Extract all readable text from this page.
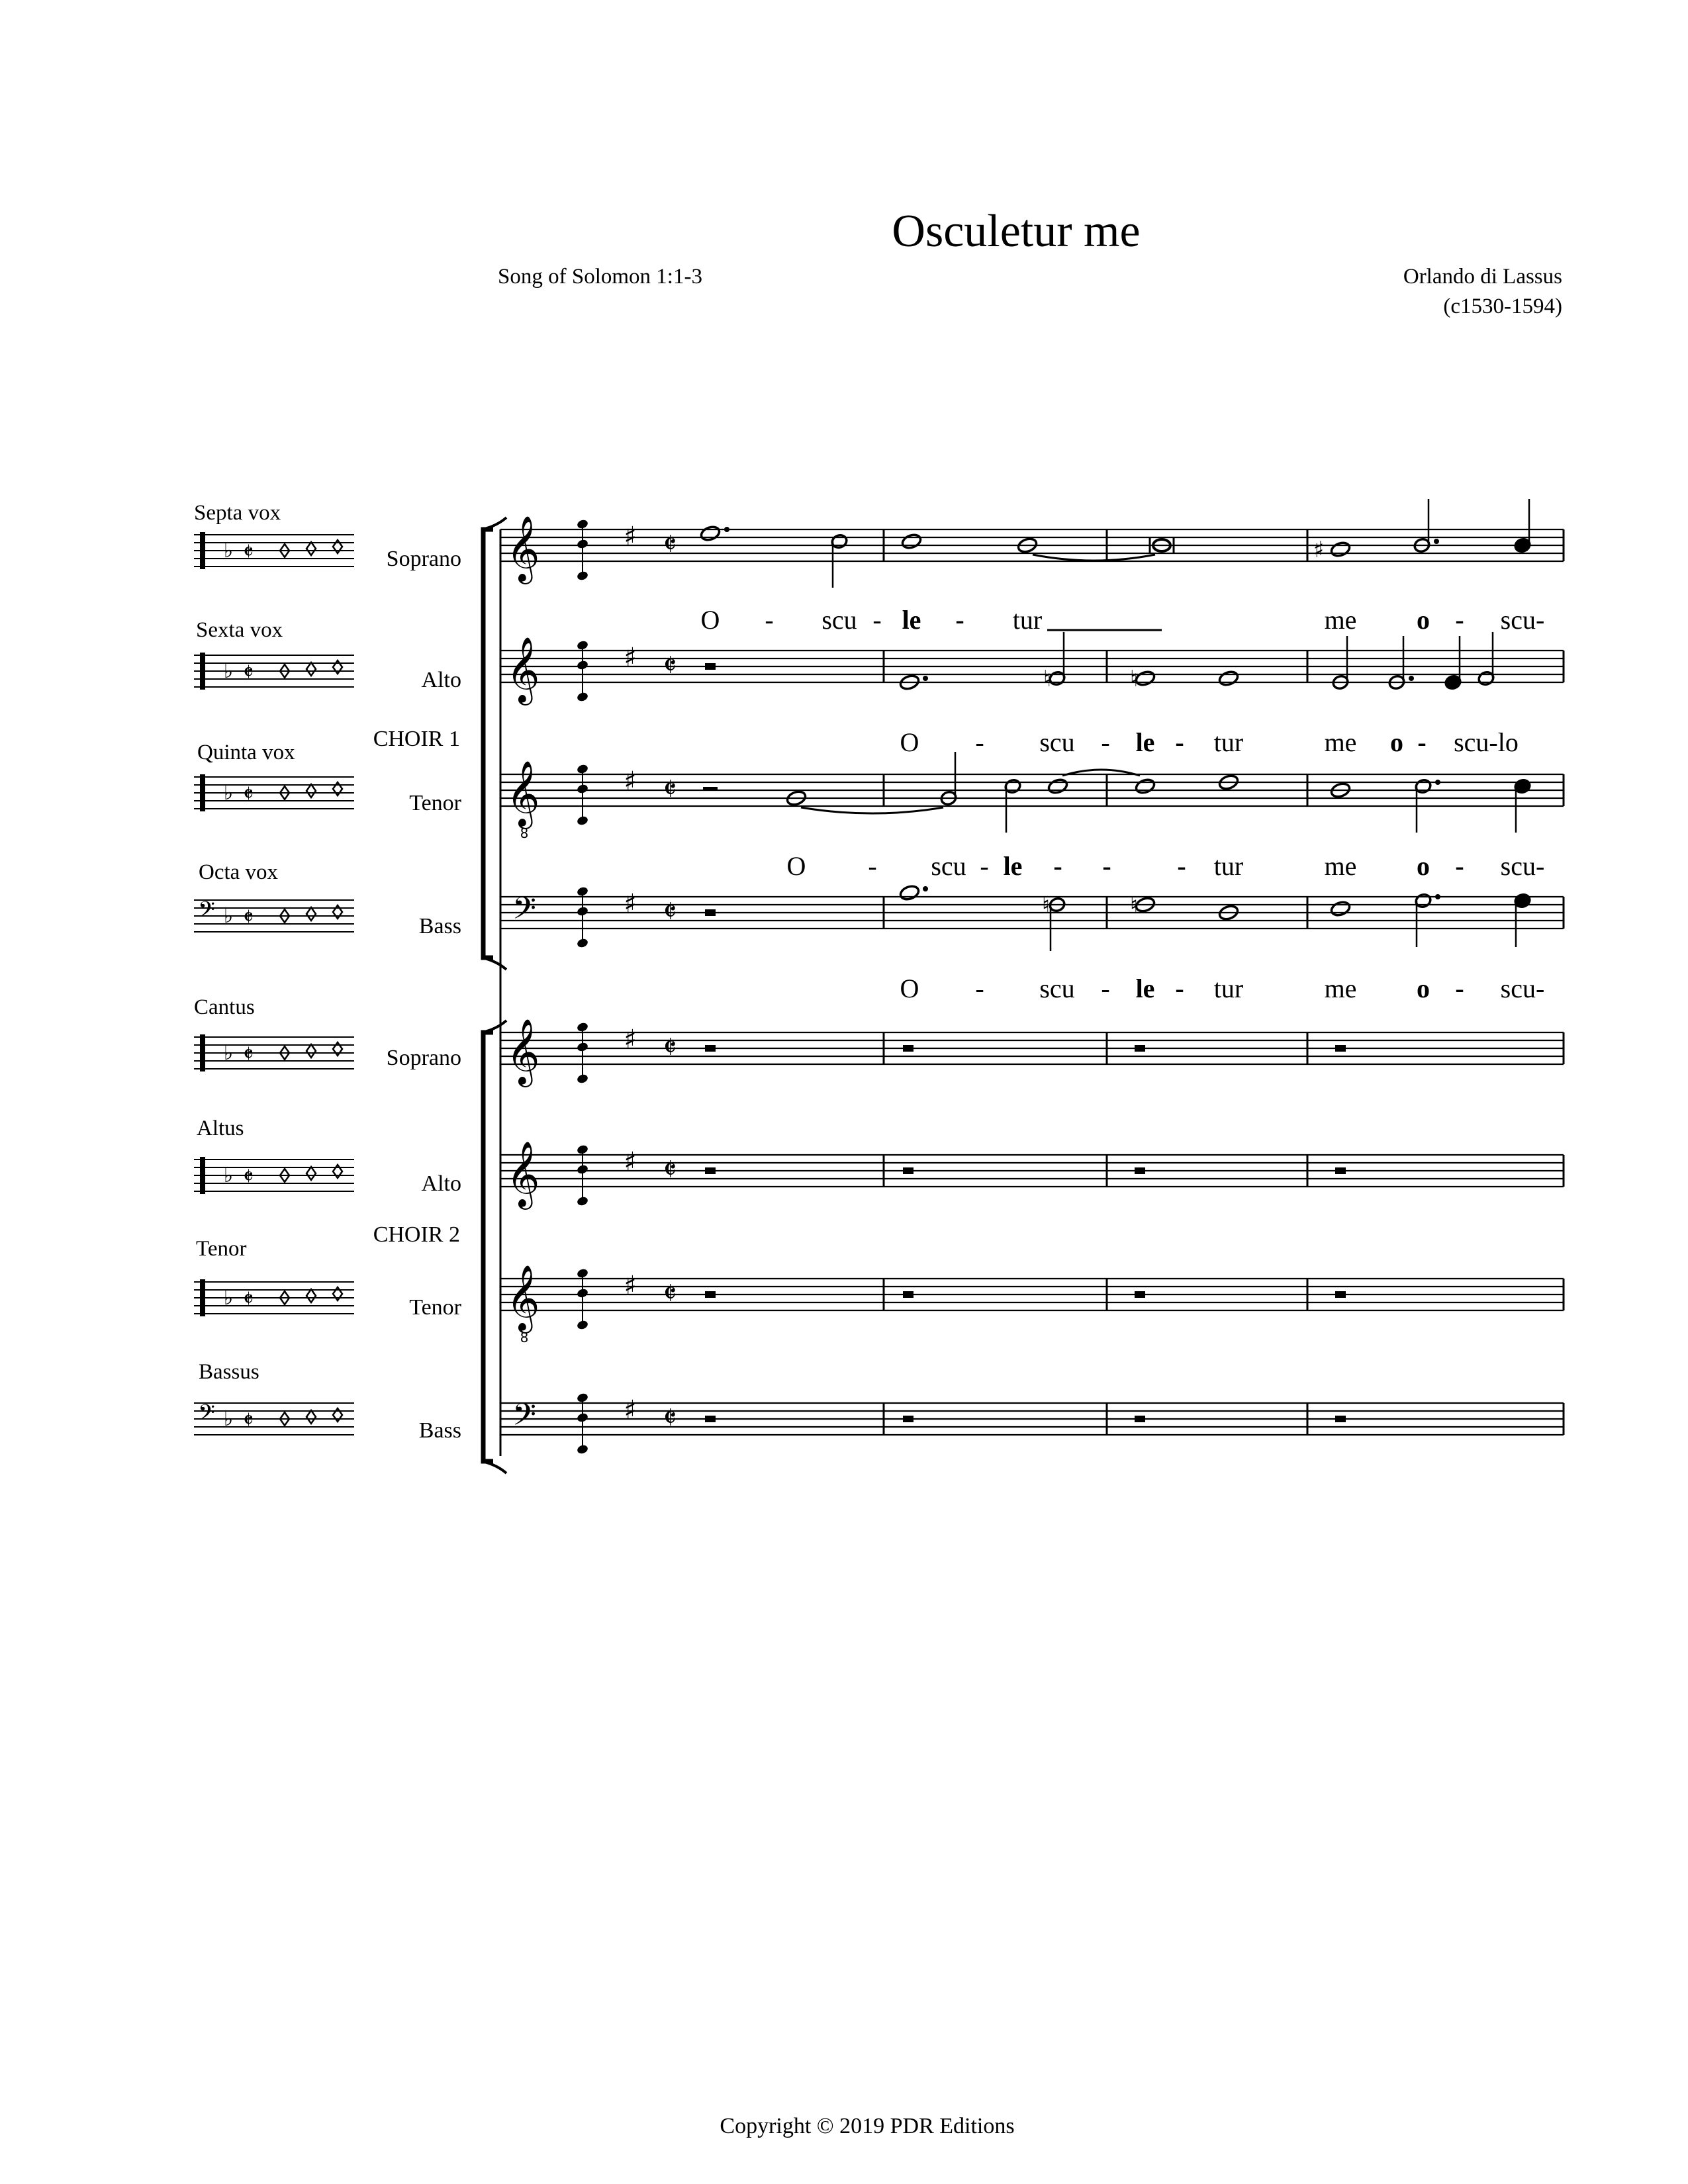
Osculetur me
Song of Solomon 1:1-3	Orlando di Lassus
(c1530-1594)
CHOIR 1
CHOIR 2
Septa vox
Sexta vox
Quinta vox
Octa vox
Cantus
Altus
Tenor
Bassus
Soprano
Alto
Tenor
Bass
Soprano
Alto
Tenor
Bass
𝄞	♯ 𝄵
𝄞	♯ 𝄵
𝄞
8
♯ 𝄵
𝄢	♯ 𝄵
𝄞	♯ 𝄵
𝄞	♯ 𝄵
𝄞
8
♯ 𝄵
𝄢	♯ 𝄵
♭ 𝄵
♭ 𝄵
♭ 𝄵
𝄢 ♭ 𝄵
♭ 𝄵
♭ 𝄵
♭ 𝄵
𝄢 ♭ 𝄵
♯
♮	♮
♮	♮
O - scu - le - tur	me o - scu-
O - scu - le - tur	me o - scu-lo
O - scu - le - - - tur	me o - scu-
O - scu - le - tur	me o - scu-
Copyright © 2019 PDR Editions
